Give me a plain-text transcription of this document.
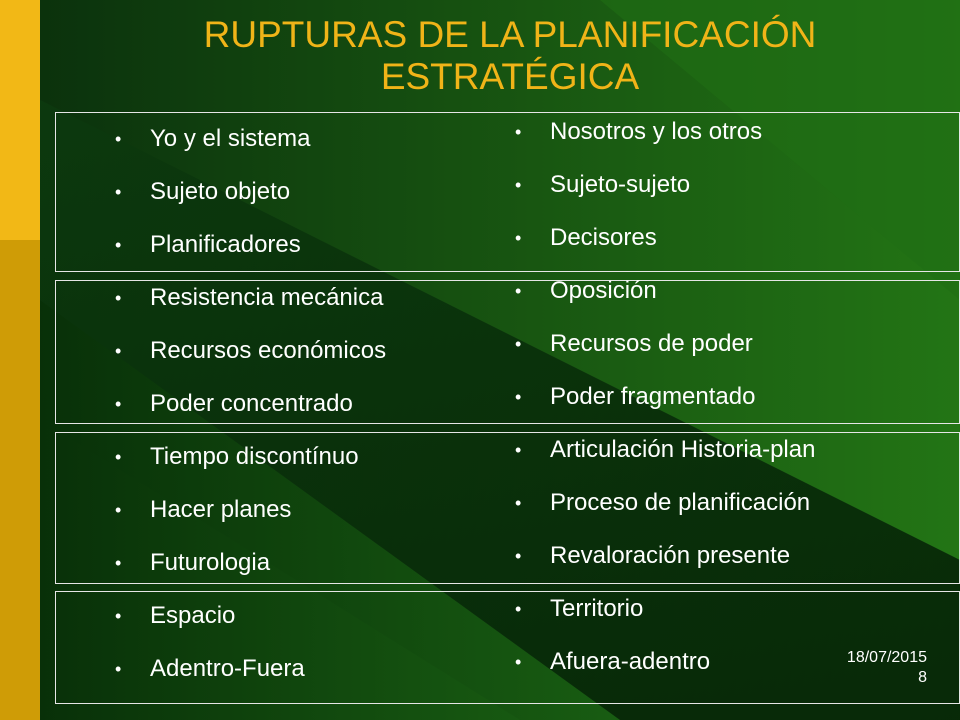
RUPTURAS DE LA PLANIFICACIÓN
ESTRATÉGICA
• Yo y el sistema
• Sujeto objeto
• Planificadores
• Resistencia mecánica
• Recursos económicos
• Poder concentrado
• Tiempo discontínuo
• Hacer planes
• Futurologia
• Espacio
• Adentro-Fuera
• Nosotros y los otros
• Sujeto-sujeto
• Decisores
• Oposición
• Recursos de poder
• Poder fragmentado
• Articulación Historia-plan
• Proceso de planificación
• Revaloración presente
• Territorio
• Afuera-adentro	18/07/2015
8
